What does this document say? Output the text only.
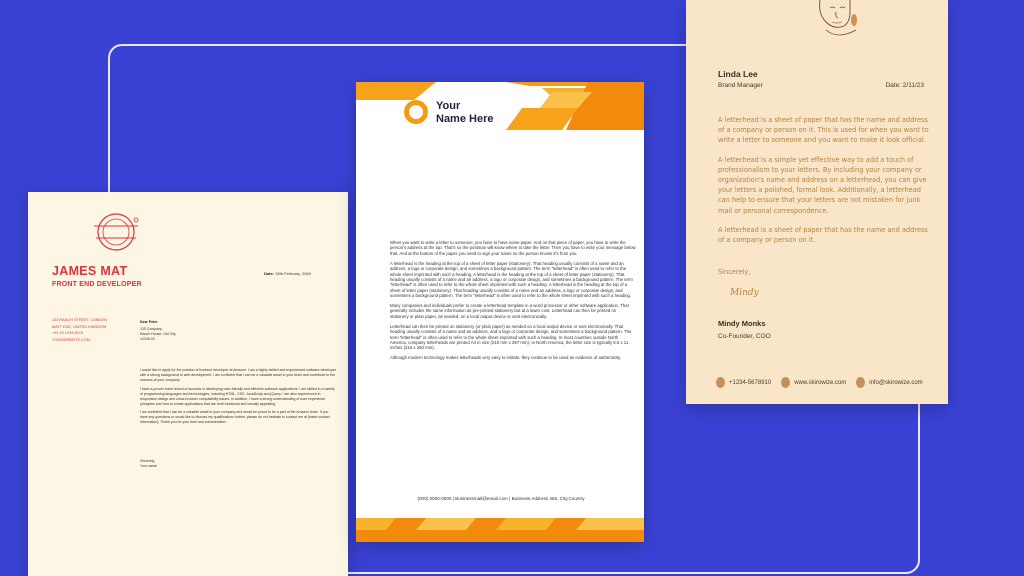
JAMES MAT
FRONT END DEVELOPER
123 RANCH STREET, LONDON
MATT EDE, UNITED KINGDOM
+44 20 1234 5678
YOURWEBSITE.COM
Date: 15th February, 2049
Dear Peter
JJS Company
Ranch House, Old City
12345-00

I would like to apply for the position of frontend developer at Amazon. I am a highly skilled and experienced software developer with a strong background in web development. I am confident that I can be a valuable asset to your team and contribute to the success of your company.

I have a proven track record of success in developing user-friendly and effective software applications. I am skilled in a variety of programming languages and technologies, including HTML, CSS, JavaScript and jQuery. I am also experienced in responsive design and cross-browser compatibility issues. In addition, I have a strong understanding of user experience principles and how to create applications that are both functional and visually appealing.

I am confident that I can be a valuable asset to your company and would be proud to be a part of the Amazon team. If you have any questions or would like to discuss my qualifications further, please do not hesitate to contact me at [insert contact information]. Thank you for your time and consideration.

Sincerely,
Your name
Your
Name Here

When you want to write a letter to someone, you have to have some paper. And on that piece of paper, you have to write the person's address at the top. That's so the postman will know where to take the letter. Then you have to write your message below that. And at the bottom of the paper you need to sign your name so the person knows it's from you.

A letterhead is the heading at the top of a sheet of letter paper (stationery). That heading usually consists of a name and an address, a logo or corporate design, and sometimes a background pattern. The term "letterhead" is often used to refer to the whole sheet imprinted with such a heading. A letterhead is the heading at the top of a sheet of letter paper (stationery). That heading usually consists of a name and an address, a logo or corporate design, and sometimes a background pattern. The term "letterhead" is often used to refer to the whole sheet imprinted with such a heading. A letterhead is the heading at the top of a sheet of letter paper (stationery). That heading usually consists of a name and an address, a logo or corporate design, and sometimes a background pattern. The term "letterhead" is often used to refer to the whole sheet imprinted with such a heading.

Many companies and individuals prefer to create a letterhead template in a word processor or other software application. That generally includes the same information as pre-printed stationery but at a lower cost. Letterhead can then be printed on stationery or plain paper, as needed, on a local output device or sent electronically.

Letterhead can then be printed on stationery (or plain paper) as needed on a local output device or sent electronically. That heading usually consists of a name and an address, and a logo or corporate design, and sometimes a background pattern. The term "letterhead" is often used to refer to the whole sheet imprinted with such a heading. In most countries outside North America, company letterheads are printed A4 in size (210 mm x 297 mm). In North America, the letter size is typically 8.5 x 11 inches (216 x 280 mm).

Although modern technology makes letterheads very easy to imitate, they continue to be used as evidence of authenticity.

(000) 0000-0000 | Businessmail@email.com | Business Address 456, City,Country
Linda Lee
Brand Manager	Date: 2/11/23

A letterhead is a sheet of paper that has the name and address of a company or person on it. This is used for when you want to write a letter to someone and you want to make it look official.

A letterhead is a simple yet effective way to add a touch of professionalism to your letters. By including your company or organization's name and address on a letterhead, you can give your letters a polished, formal look. Additionally, a letterhead can help to ensure that your letters are not mistaken for junk mail or personal correspondence.

A letterhead is a sheet of paper that has the name and address of a company or person on it.

Sincerely,
Mindy
Mindy Monks
Co-Founder, COO
+1234-5678910	www.skirowize.com	info@skirowize.com
